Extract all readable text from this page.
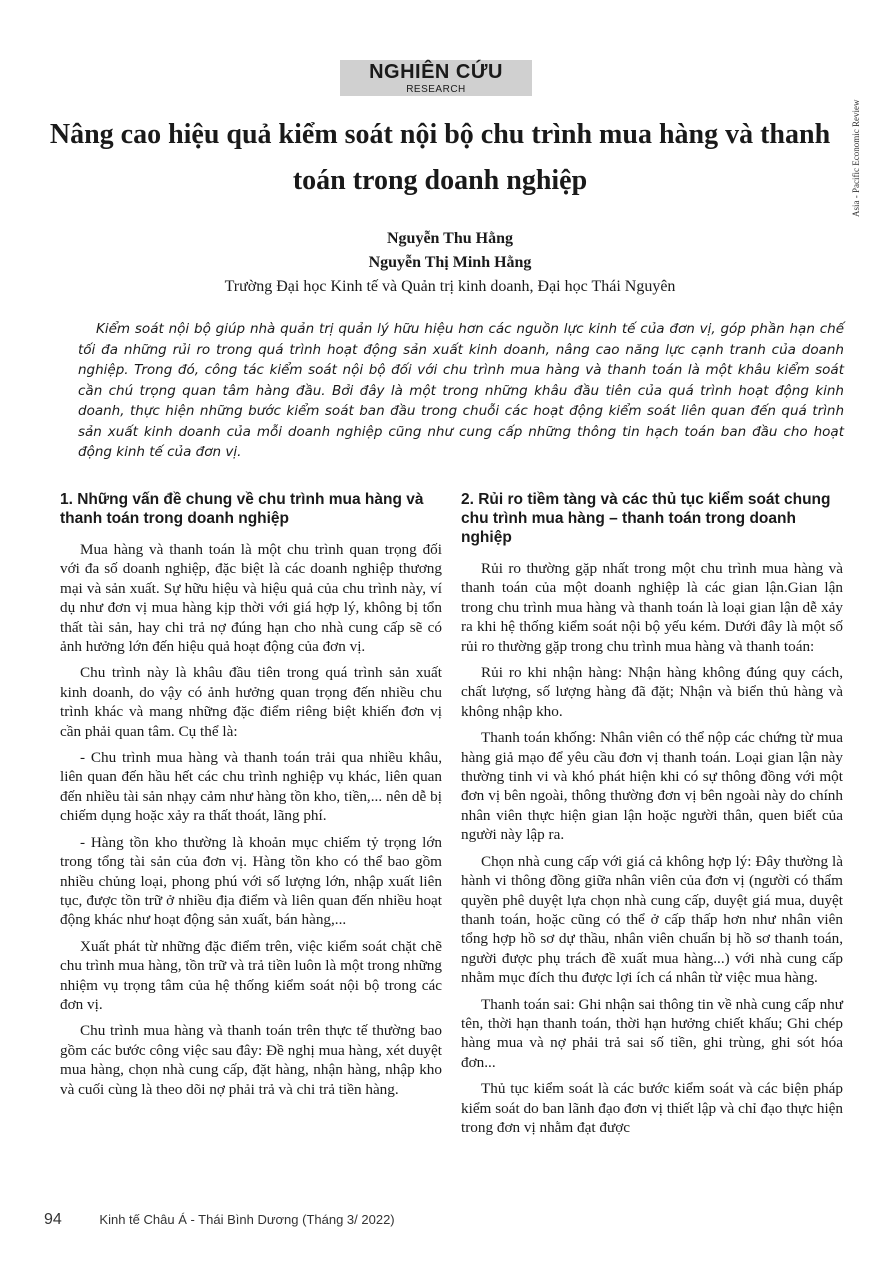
NGHIÊN CỨU
RESEARCH
Asia - Pacific Economic Review
Nâng cao hiệu quả kiểm soát nội bộ chu trình mua hàng và thanh toán trong doanh nghiệp
Nguyễn Thu Hằng
Nguyễn Thị Minh Hằng
Trường Đại học Kinh tế và Quản trị kinh doanh, Đại học Thái Nguyên

Kiểm soát nội bộ giúp nhà quản trị quản lý hữu hiệu hơn các nguồn lực kinh tế của đơn vị, góp phần hạn chế tối đa những rủi ro trong quá trình hoạt động sản xuất kinh doanh, nâng cao năng lực cạnh tranh của doanh nghiệp. Trong đó, công tác kiểm soát nội bộ đối với chu trình mua hàng và thanh toán là một khâu kiểm soát cần chú trọng quan tâm hàng đầu. Bởi đây là một trong những khâu đầu tiên của quá trình hoạt động kinh doanh, thực hiện những bước kiểm soát ban đầu trong chuỗi các hoạt động kiểm soát liên quan đến quá trình sản xuất kinh doanh của mỗi doanh nghiệp cũng như cung cấp những thông tin hạch toán ban đầu cho hoạt động kinh tế của đơn vị.

1. Những vấn đề chung về chu trình mua hàng và thanh toán trong doanh nghiệp

Mua hàng và thanh toán là một chu trình quan trọng đối với đa số doanh nghiệp, đặc biệt là các doanh nghiệp thương mại và sản xuất. Sự hữu hiệu và hiệu quả của chu trình này, ví dụ như đơn vị mua hàng kịp thời với giá hợp lý, không bị tổn thất tài sản, hay chi trả nợ đúng hạn cho nhà cung cấp sẽ có ảnh hưởng lớn đến hiệu quả hoạt động của đơn vị.

Chu trình này là khâu đầu tiên trong quá trình sản xuất kinh doanh, do vậy có ảnh hưởng quan trọng đến nhiều chu trình khác và mang những đặc điểm riêng biệt khiến đơn vị cần phải quan tâm. Cụ thể là:

- Chu trình mua hàng và thanh toán trải qua nhiều khâu, liên quan đến hầu hết các chu trình nghiệp vụ khác, liên quan đến nhiều tài sản nhạy cảm như hàng tồn kho, tiền,... nên dễ bị chiếm dụng hoặc xảy ra thất thoát, lãng phí.

- Hàng tồn kho thường là khoản mục chiếm tỷ trọng lớn trong tổng tài sản của đơn vị. Hàng tồn kho có thể bao gồm nhiều chủng loại, phong phú với số lượng lớn, nhập xuất liên tục, được tồn trữ ở nhiều địa điểm và liên quan đến nhiều hoạt động khác như hoạt động sản xuất, bán hàng,...

Xuất phát từ những đặc điểm trên, việc kiểm soát chặt chẽ chu trình mua hàng, tồn trữ và trả tiền luôn là một trong những nhiệm vụ trọng tâm của hệ thống kiểm soát nội bộ trong các đơn vị.

Chu trình mua hàng và thanh toán trên thực tế thường bao gồm các bước công việc sau đây: Đề nghị mua hàng, xét duyệt mua hàng, chọn nhà cung cấp, đặt hàng, nhận hàng, nhập kho và cuối cùng là theo dõi nợ phải trả và chi trả tiền hàng.

2. Rủi ro tiềm tàng và các thủ tục kiểm soát chung chu trình mua hàng – thanh toán trong doanh nghiệp

Rủi ro thường gặp nhất trong một chu trình mua hàng và thanh toán của một doanh nghiệp là các gian lận.Gian lận trong chu trình mua hàng và thanh toán là loại gian lận dễ xảy ra khi hệ thống kiểm soát nội bộ yếu kém. Dưới đây là một số rủi ro thường gặp trong chu trình mua hàng và thanh toán:

Rủi ro khi nhận hàng: Nhận hàng không đúng quy cách, chất lượng, số lượng hàng đã đặt; Nhận và biển thủ hàng và không nhập kho.

Thanh toán khống: Nhân viên có thể nộp các chứng từ mua hàng giả mạo để yêu cầu đơn vị thanh toán. Loại gian lận này thường tinh vi và khó phát hiện khi có sự thông đồng với một đơn vị bên ngoài, thông thường đơn vị bên ngoài này do chính nhân viên thực hiện gian lận hoặc người thân, quen biết của người này lập ra.

Chọn nhà cung cấp với giá cả không hợp lý: Đây thường là hành vi thông đồng giữa nhân viên của đơn vị (người có thẩm quyền phê duyệt lựa chọn nhà cung cấp, duyệt giá mua, duyệt thanh toán, hoặc cũng có thể ở cấp thấp hơn như nhân viên tổng hợp hồ sơ dự thầu, nhân viên chuẩn bị hồ sơ thanh toán, người được phụ trách đề xuất mua hàng...) với nhà cung cấp nhằm mục đích thu được lợi ích cá nhân từ việc mua hàng.

Thanh toán sai: Ghi nhận sai thông tin về nhà cung cấp như tên, thời hạn thanh toán, thời hạn hưởng chiết khấu; Ghi chép hàng mua và nợ phải trả sai số tiền, ghi trùng, ghi sót hóa đơn...

Thủ tục kiểm soát là các bước kiểm soát và các biện pháp kiểm soát do ban lãnh đạo đơn vị thiết lập và chỉ đạo thực hiện trong đơn vị nhằm đạt được

94	Kinh tế Châu Á - Thái Bình Dương (Tháng 3/ 2022)
